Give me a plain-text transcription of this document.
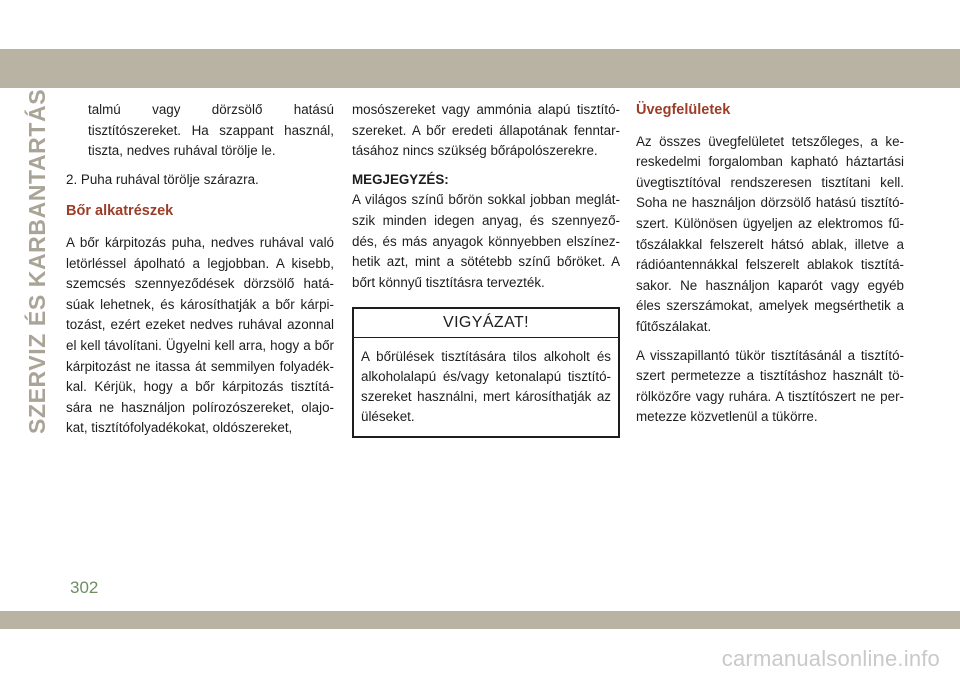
SZERVIZ ÉS KARBANTARTÁS	talmú vagy dörzsölő hatású tisztítószereket. Ha szappant használ, tiszta, nedves ruhával törölje le.

2. Puha ruhával törölje szárazra.

Bőr alkatrészek

A bőr kárpitozás puha, nedves ruhával való letörléssel ápolható a legjobban. A kisebb, szemcsés szennyeződések dörzsölő hatá-súak lehetnek, és károsíthatják a bőr kárpi-tozást, ezért ezeket nedves ruhával azonnal el kell távolítani. Ügyelni kell arra, hogy a bőr kárpitozást ne itassa át semmilyen folyadék-kal. Kérjük, hogy a bőr kárpitozás tisztítá-sára ne használjon polírozószereket, olajo-kat, tisztítófolyadékokat, oldószereket,

mosószereket vagy ammónia alapú tisztító-szereket. A bőr eredeti állapotának fenntar-tásához nincs szükség bőrápolószerekre.

MEGJEGYZÉS:

A világos színű bőrön sokkal jobban meglát-szik minden idegen anyag, és szennyező-dés, és más anyagok könnyebben elszínez-hetik azt, mint a sötétebb színű bőröket. A bőrt könnyű tisztításra tervezték.

VIGYÁZAT!
A bőrülések tisztítására tilos alkoholt és alkoholalapú és/vagy ketonalapú tisztító-szereket használni, mert károsíthatják az üléseket.

Üvegfelületek

Az összes üvegfelületet tetszőleges, a ke-reskedelmi forgalomban kapható háztartási üvegtisztítóval rendszeresen tisztítani kell. Soha ne használjon dörzsölő hatású tisztító-szert. Különösen ügyeljen az elektromos fű-tőszálakkal felszerelt hátsó ablak, illetve a rádióantennákkal felszerelt ablakok tisztítá-sakor. Ne használjon kaparót vagy egyéb éles szerszámokat, amelyek megsérthetik a fűtőszálakat.

A visszapillantó tükör tisztításánál a tisztító-szert permetezze a tisztításhoz használt tö-rölközőre vagy ruhára. A tisztítószert ne per-metezze közvetlenül a tükörre.

302
carmanualsonline.info
